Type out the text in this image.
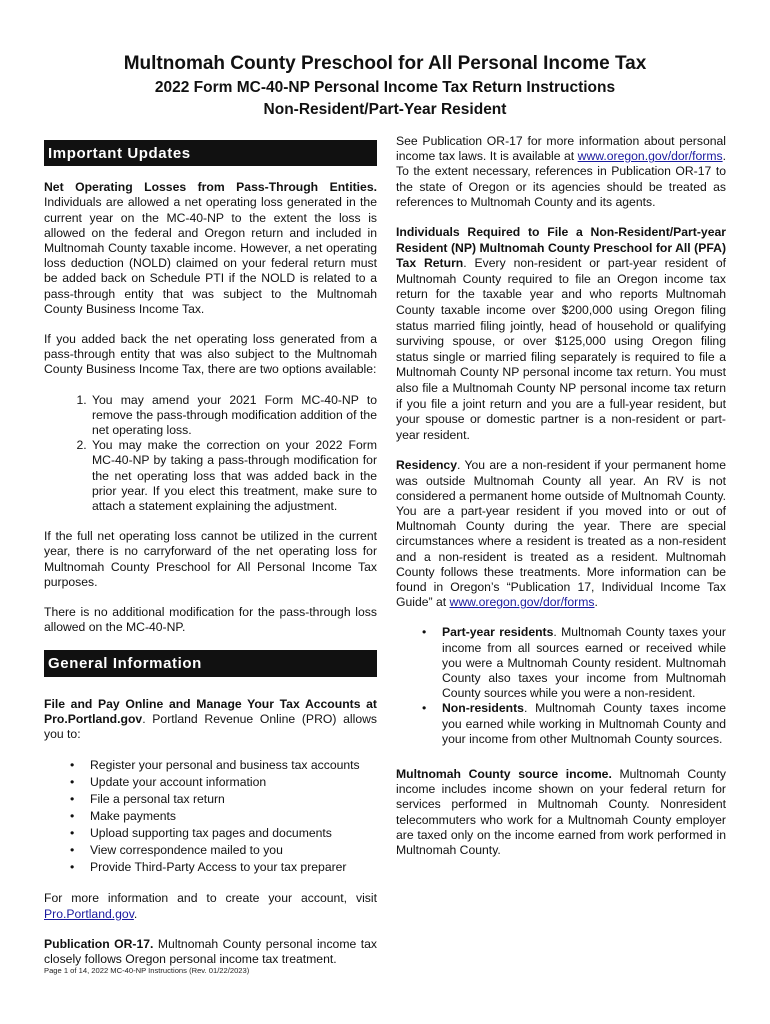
Multnomah County Preschool for All Personal Income Tax
2022 Form MC-40-NP Personal Income Tax Return Instructions
Non-Resident/Part-Year Resident
Important Updates

Net Operating Losses from Pass-Through Entities. Individuals are allowed a net operating loss generated in the current year on the MC-40-NP to the extent the loss is allowed on the federal and Oregon return and included in Multnomah County taxable income. However, a net operating loss deduction (NOLD) claimed on your federal return must be added back on Schedule PTI if the NOLD is related to a pass-through entity that was subject to the Multnomah County Business Income Tax.

If you added back the net operating loss generated from a pass-through entity that was also subject to the Multnomah County Business Income Tax, there are two options available:

1. You may amend your 2021 Form MC-40-NP to remove the pass-through modification addition of the net operating loss.
2. You may make the correction on your 2022 Form MC-40-NP by taking a pass-through modification for the net operating loss that was added back in the prior year. If you elect this treatment, make sure to attach a statement explaining the adjustment.

If the full net operating loss cannot be utilized in the current year, there is no carryforward of the net operating loss for Multnomah County Preschool for All Personal Income Tax purposes.

There is no additional modification for the pass-through loss allowed on the MC-40-NP.

General Information

File and Pay Online and Manage Your Tax Accounts at Pro.Portland.gov. Portland Revenue Online (PRO) allows you to:

• Register your personal and business tax accounts
• Update your account information
• File a personal tax return
• Make payments
• Upload supporting tax pages and documents
• View correspondence mailed to you
• Provide Third-Party Access to your tax preparer

For more information and to create your account, visit Pro.Portland.gov.

Publication OR-17. Multnomah County personal income tax closely follows Oregon personal income tax treatment.

See Publication OR-17 for more information about personal income tax laws. It is available at www.oregon.gov/dor/forms. To the extent necessary, references in Publication OR-17 to the state of Oregon or its agencies should be treated as references to Multnomah County and its agents.

Individuals Required to File a Non-Resident/Part-year Resident (NP) Multnomah County Preschool for All (PFA) Tax Return. Every non-resident or part-year resident of Multnomah County required to file an Oregon income tax return for the taxable year and who reports Multnomah County taxable income over $200,000 using Oregon filing status married filing jointly, head of household or qualifying surviving spouse, or over $125,000 using Oregon filing status single or married filing separately is required to file a Multnomah County NP personal income tax return. You must also file a Multnomah County NP personal income tax return if you file a joint return and you are a full-year resident, but your spouse or domestic partner is a non-resident or part-year resident.

Residency. You are a non-resident if your permanent home was outside Multnomah County all year. An RV is not considered a permanent home outside of Multnomah County. You are a part-year resident if you moved into or out of Multnomah County during the year. There are special circumstances where a resident is treated as a non-resident and a non-resident is treated as a resident. Multnomah County follows these treatments. More information can be found in Oregon’s “Publication 17, Individual Income Tax Guide” at www.oregon.gov/dor/forms.

• Part-year residents. Multnomah County taxes your income from all sources earned or received while you were a Multnomah County resident. Multnomah County also taxes your income from Multnomah County sources while you were a non-resident.
• Non-residents. Multnomah County taxes income you earned while working in Multnomah County and your income from other Multnomah County sources.

Multnomah County source income. Multnomah County income includes income shown on your federal return for services performed in Multnomah County. Nonresident telecommuters who work for a Multnomah County employer are taxed only on the income earned from work performed in Multnomah County.

Page 1 of 14, 2022 MC-40-NP Instructions (Rev. 01/22/2023)
